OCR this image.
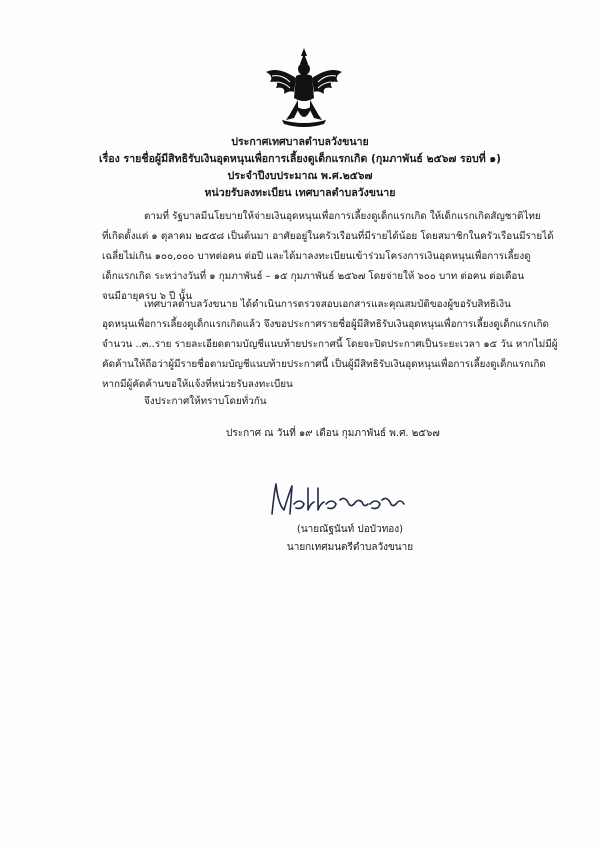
ประกาศเทศบาลตำบลวังขนาย
เรื่อง รายชื่อผู้มีสิทธิรับเงินอุดหนุนเพื่อการเลี้ยงดูเด็กแรกเกิด (กุมภาพันธ์ ๒๕๖๗ รอบที่ ๑)
ประจำปีงบประมาณ พ.ศ.๒๕๖๗
หน่วยรับลงทะเบียน เทศบาลตำบลวังขนาย
ตามที่ รัฐบาลมีนโยบายให้จ่ายเงินอุดหนุนเพื่อการเลี้ยงดูเด็กแรกเกิด ให้เด็กแรกเกิดสัญชาติไทย
ที่เกิดตั้งแต่ ๑ ตุลาคม ๒๕๕๘ เป็นต้นมา อาศัยอยู่ในครัวเรือนที่มีรายได้น้อย โดยสมาชิกในครัวเรือนมีรายได้
เฉลี่ยไม่เกิน ๑๐๐,๐๐๐ บาทต่อคน ต่อปี และได้มาลงทะเบียนเข้าร่วมโครงการเงินอุดหนุนเพื่อการเลี้ยงดู
เด็กแรกเกิด ระหว่างวันที่ ๑ กุมภาพันธ์ – ๑๕ กุมภาพันธ์ ๒๕๖๗ โดยจ่ายให้ ๖๐๐ บาท ต่อคน ต่อเดือน
จนมีอายุครบ ๖ ปี นั้น
เทศบาลตำบลวังขนาย ได้ดำเนินการตรวจสอบเอกสารและคุณสมบัติของผู้ขอรับสิทธิเงิน
อุดหนุนเพื่อการเลี้ยงดูเด็กแรกเกิดแล้ว จึงขอประกาศรายชื่อผู้มีสิทธิรับเงินอุดหนุนเพื่อการเลี้ยงดูเด็กแรกเกิด
จำนวน ..๓..ราย รายละเอียดตามบัญชีแนบท้ายประกาศนี้ โดยจะปิดประกาศเป็นระยะเวลา ๑๕ วัน หากไม่มีผู้
คัดค้านให้ถือว่าผู้มีรายชื่อตามบัญชีแนบท้ายประกาศนี้ เป็นผู้มีสิทธิรับเงินอุดหนุนเพื่อการเลี้ยงดูเด็กแรกเกิด
หากมีผู้คัดค้านขอให้แจ้งที่หน่วยรับลงทะเบียน
จึงประกาศให้ทราบโดยทั่วกัน
ประกาศ ณ วันที่ ๑๙ เดือน กุมภาพันธ์ พ.ศ. ๒๕๖๗
(นายณัฐนันท์ ปอบัวทอง)
นายกเทศมนตรีตำบลวังขนาย
